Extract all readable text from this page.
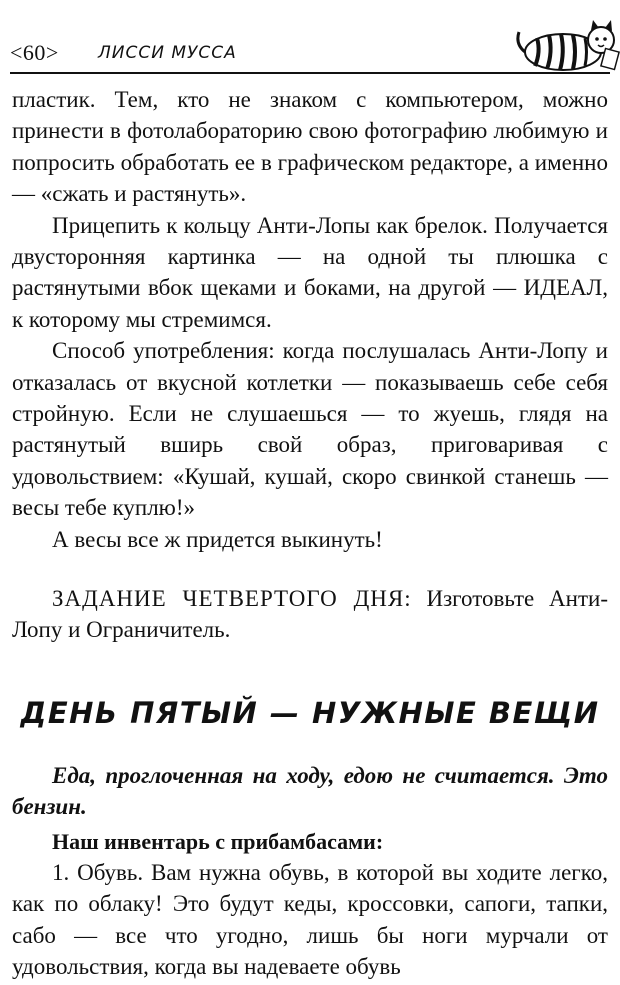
<60> ЛИССИ МУССА

пластик. Тем, кто не знаком с компьютером, можно принести в фотолабораторию свою фотографию любимую и попросить обработать ее в графическом редакторе, а именно — «сжать и растянуть».

Прицепить к кольцу Анти-Лопы как брелок. Получается двусторонняя картинка — на одной ты плюшка с растянутыми вбок щеками и боками, на другой — ИДЕАЛ, к которому мы стремимся.

Способ употребления: когда послушалась Анти-Лопу и отказалась от вкусной котлетки — показываешь себе себя стройную. Если не слушаешься — то жуешь, глядя на растянутый вширь свой образ, приговаривая с удовольствием: «Кушай, кушай, скоро свинкой станешь — весы тебе куплю!»

А весы все ж придется выкинуть!

ЗАДАНИЕ ЧЕТВЕРТОГО ДНЯ: Изготовьте Анти-Лопу и Ограничитель.

ДЕНЬ ПЯТЫЙ — НУЖНЫЕ ВЕЩИ

Еда, проглоченная на ходу, едою не считается. Это бензин.

Наш инвентарь с прибамбасами:

1. Обувь. Вам нужна обувь, в которой вы ходите легко, как по облаку! Это будут кеды, кроссовки, сапоги, тапки, сабо — все что угодно, лишь бы ноги мурчали от удовольствия, когда вы надеваете обувь
